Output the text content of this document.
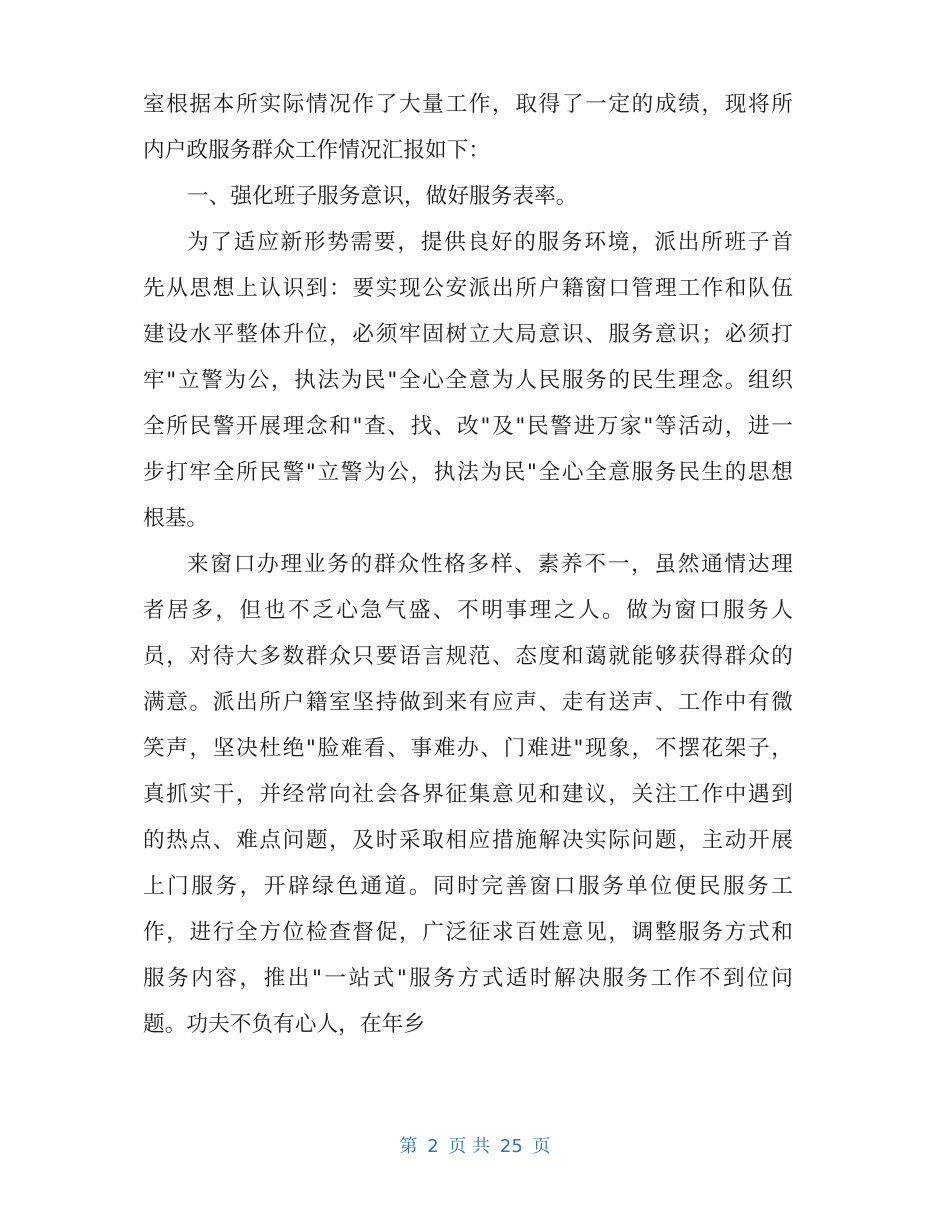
室根据本所实际情况作了大量工作，取得了一定的成绩，现将所
内户政服务群众工作情况汇报如下：
一、强化班子服务意识，做好服务表率。
为了适应新形势需要，提供良好的服务环境，派出所班子首
先从思想上认识到：要实现公安派出所户籍窗口管理工作和队伍
建设水平整体升位，必须牢固树立大局意识、服务意识；必须打
牢"立警为公，执法为民"全心全意为人民服务的民生理念。组织
全所民警开展理念和"查、找、改"及"民警进万家"等活动，进一
步打牢全所民警"立警为公，执法为民"全心全意服务民生的思想
根基。
来窗口办理业务的群众性格多样、素养不一，虽然通情达理
者居多，但也不乏心急气盛、不明事理之人。做为窗口服务人
员，对待大多数群众只要语言规范、态度和蔼就能够获得群众的
满意。派出所户籍室坚持做到来有应声、走有送声、工作中有微
笑声，坚决杜绝"脸难看、事难办、门难进"现象，不摆花架子，
真抓实干，并经常向社会各界征集意见和建议，关注工作中遇到
的热点、难点问题，及时采取相应措施解决实际问题，主动开展
上门服务，开辟绿色通道。同时完善窗口服务单位便民服务工
作，进行全方位检查督促，广泛征求百姓意见，调整服务方式和
服务内容，推出"一站式"服务方式适时解决服务工作不到位问
题。功夫不负有心人，在年乡
第 2 页 共 25 页
